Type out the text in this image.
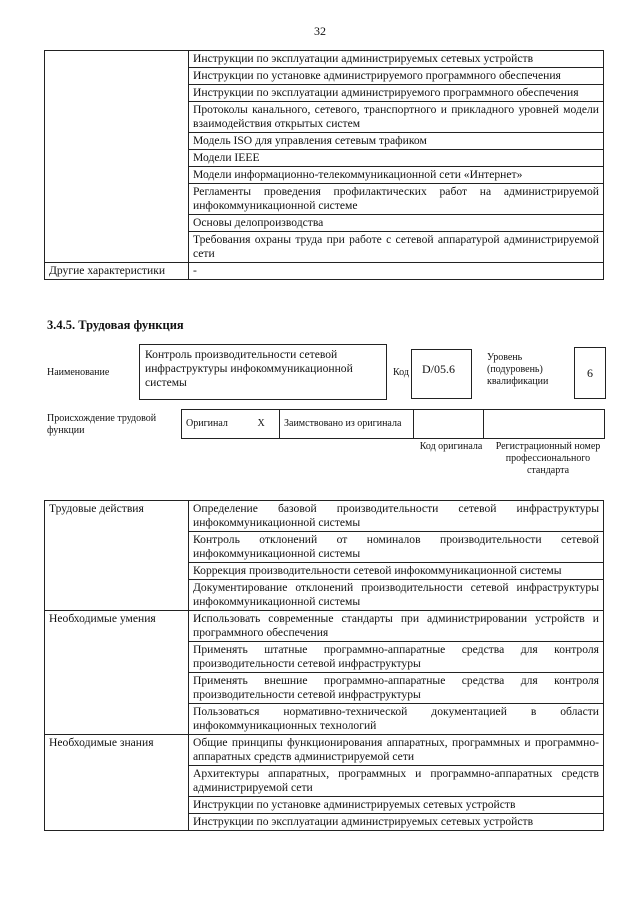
32
	Инструкции по эксплуатации администрируемых сетевых устройств
	Инструкции по установке администрируемого программного обеспечения
	Инструкции по эксплуатации администрируемого программного обеспечения
	Протоколы канального, сетевого, транспортного и прикладного уровней модели взаимодействия открытых систем
	Модель ISO для управления сетевым трафиком
	Модели IEEE
	Модели информационно-телекоммуникационной сети «Интернет»
	Регламенты проведения профилактических работ на администрируемой инфокоммуникационной системе
	Основы делопроизводства
	Требования охраны труда при работе с сетевой аппаратурой администрируемой сети
Другие характеристики	-
3.4.5. Трудовая функция
Наименование
Контроль производительности сетевой инфраструктуры инфокоммуникационной системы
Код	D/05.6
Уровень (подуровень) квалификации
6
Происхождение трудовой функции
Оригинал	X	Заимствовано из оригинала		
Код оригинала	Регистрационный номер профессионального стандарта
Трудовые действия	Определение базовой производительности сетевой инфраструктуры инфокоммуникационной системы
	Контроль отклонений от номиналов производительности сетевой инфокоммуникационной системы
	Коррекция производительности сетевой инфокоммуникационной системы
	Документирование отклонений производительности сетевой инфраструктуры инфокоммуникационной системы
Необходимые умения	Использовать современные стандарты при администрировании устройств и программного обеспечения
	Применять штатные программно-аппаратные средства для контроля производительности сетевой инфраструктуры
	Применять внешние программно-аппаратные средства для контроля производительности сетевой инфраструктуры
	Пользоваться нормативно-технической документацией в области инфокоммуникационных технологий
Необходимые знания	Общие принципы функционирования аппаратных, программных и программно-аппаратных средств администрируемой сети
	Архитектуры аппаратных, программных и программно-аппаратных средств администрируемой сети
	Инструкции по установке администрируемых сетевых устройств
	Инструкции по эксплуатации администрируемых сетевых устройств
